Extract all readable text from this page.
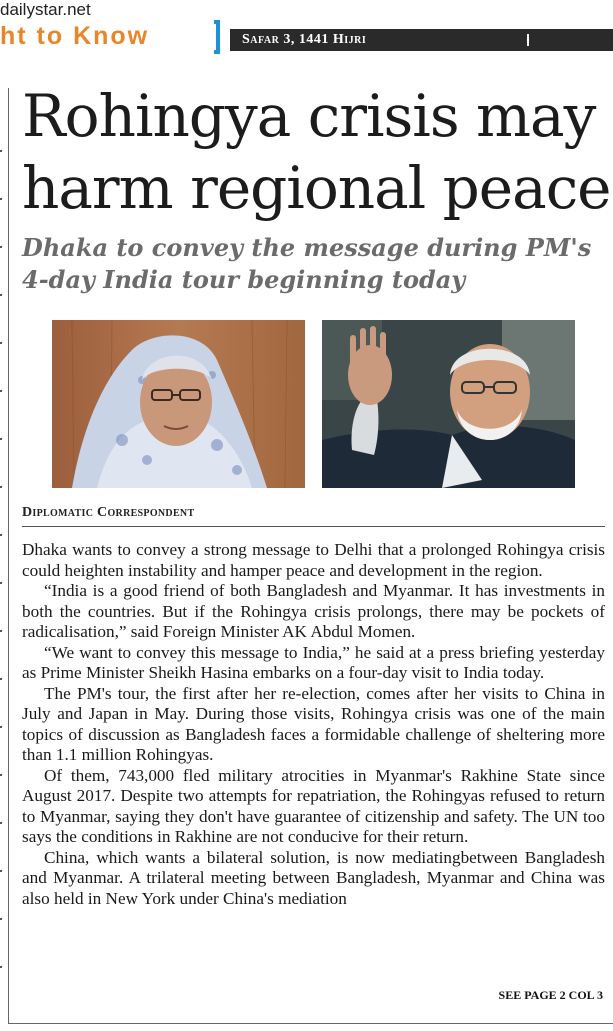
dailystar.net
ht to Know	Safar 3, 1441 Hijri
Rohingya crisis may harm regional peace
Dhaka to convey the message during PM's 4-day India tour beginning today
Diplomatic Correspondent

Dhaka wants to convey a strong message to Delhi that a prolonged Rohingya crisis could heighten instability and hamper peace and development in the region.

“India is a good friend of both Bangladesh and Myanmar. It has investments in both the countries. But if the Rohingya crisis prolongs, there may be pockets of radicalisation,” said Foreign Minister AK Abdul Momen.

“We want to convey this message to India,” he said at a press briefing yesterday as Prime Minister Sheikh Hasina embarks on a four-day visit to India today.

The PM's tour, the first after her re-election, comes after her visits to China in July and Japan in May. During those visits, Rohingya crisis was one of the main topics of discussion as Bangladesh faces a formidable challenge of sheltering more than 1.1 million Rohingyas.

Of them, 743,000 fled military atrocities in Myanmar's Rakhine State since August 2017. Despite two attempts for repatriation, the Rohingyas refused to return to Myanmar, saying they don't have guarantee of citizenship and safety. The UN too says the conditions in Rakhine are not conducive for their return.

China, which wants a bilateral solution, is now mediatingbetween Bangladesh and Myanmar. A trilateral meeting between Bangladesh, Myanmar and China was also held in New York under China's mediation

SEE PAGE 2 COL 3
